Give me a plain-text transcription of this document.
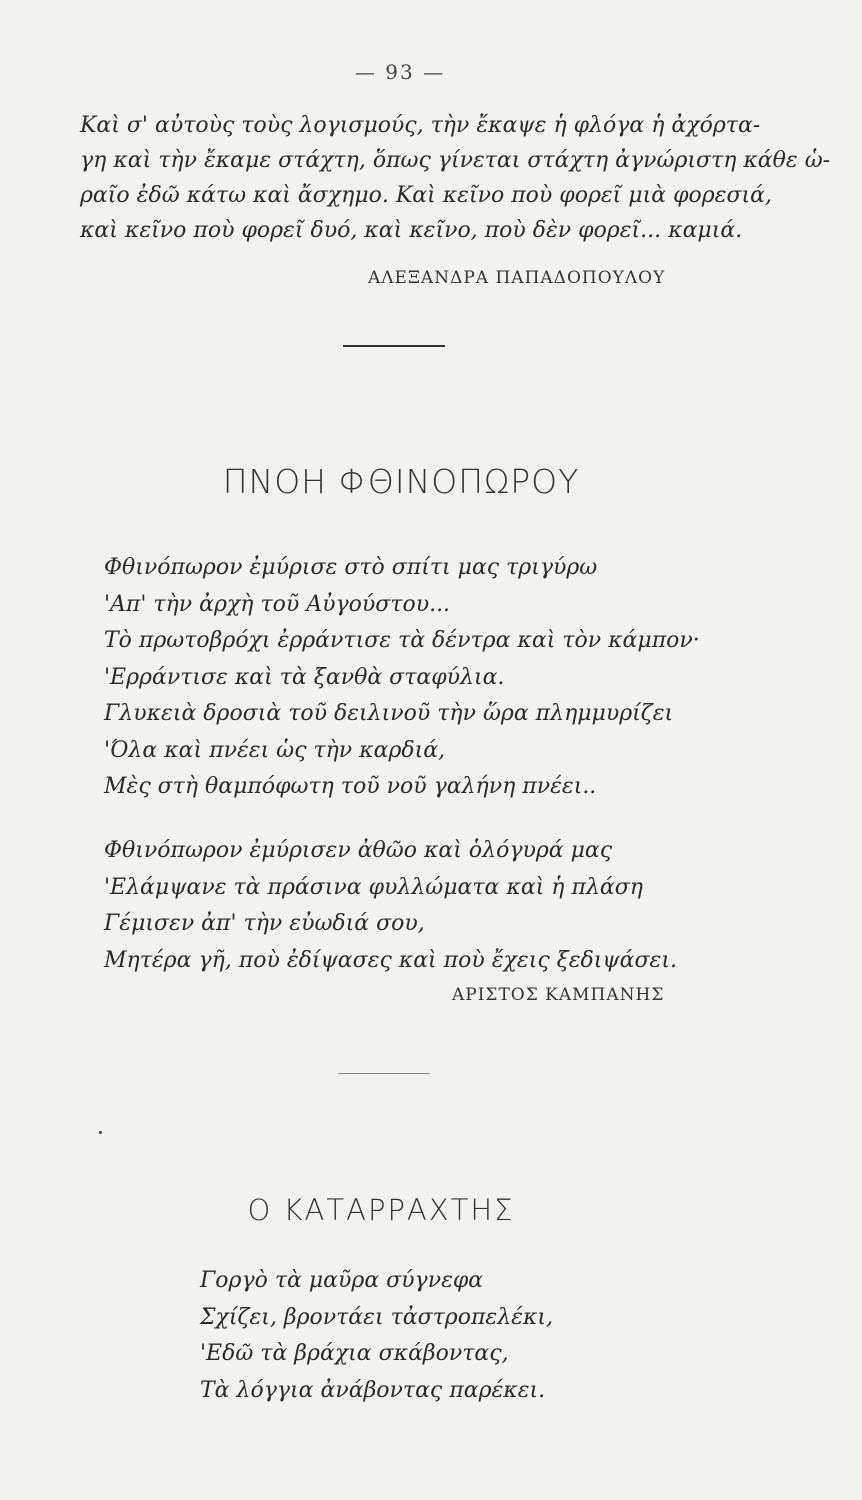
— 93 —
Καὶ σ' αὐτοὺς τοὺς λογισμούς, τὴν ἔκαψε ἡ φλόγα ἡ ἀχόρτα-
γη καὶ τὴν ἔκαμε στάχτη, ὅπως γίνεται στάχτη ἀγνώριστη κάθε ὡ-
ραῖο ἐδῶ κάτω καὶ ἄσχημο. Καὶ κεῖνο ποὺ φορεῖ μιὰ φορεσιά,
καὶ κεῖνο ποὺ φορεῖ δυό, καὶ κεῖνο, ποὺ δὲν φορεῖ... καμιά.
ΑΛΕΞΑΝΔΡΑ ΠΑΠΑΔΟΠΟΥΛΟΥ
ΠΝΟΗ ΦΘΙΝΟΠΩΡΟΥ
Φθινόπωρον ἐμύρισε στὸ σπίτι μας τριγύρω
'Απ' τὴν ἀρχὴ τοῦ Αὐγούστου...
Τὸ πρωτοβρόχι ἐρράντισε τὰ δέντρα καὶ τὸν κάμπον·
'Ερράντισε καὶ τὰ ξανθὰ σταφύλια.
Γλυκειὰ δροσιὰ τοῦ δειλινοῦ τὴν ὥρα πλημμυρίζει
'Όλα καὶ πνέει ὡς τὴν καρδιά,
Μὲς στὴ θαμπόφωτη τοῦ νοῦ γαλήνη πνέει..
Φθινόπωρον ἐμύρισεν ἀθῶο καὶ ὁλόγυρά μας
'Ελάμψανε τὰ πράσινα φυλλώματα καὶ ἡ πλάση
Γέμισεν ἀπ' τὴν εὐωδιά σου,
Μητέρα γῆ, ποὺ ἐδίψασες καὶ ποὺ ἔχεις ξεδιψάσει.
ΑΡΙΣΤΟΣ ΚΑΜΠΑΝΗΣ
Ο ΚΑΤΑΡΡΑΧΤΗΣ
Γοργὸ τὰ μαῦρα σύγνεφα
Σχίζει, βροντάει τἀστροπελέκι,
'Εδῶ τὰ βράχια σκάβοντας,
Τὰ λόγγια ἀνάβοντας παρέκει.
